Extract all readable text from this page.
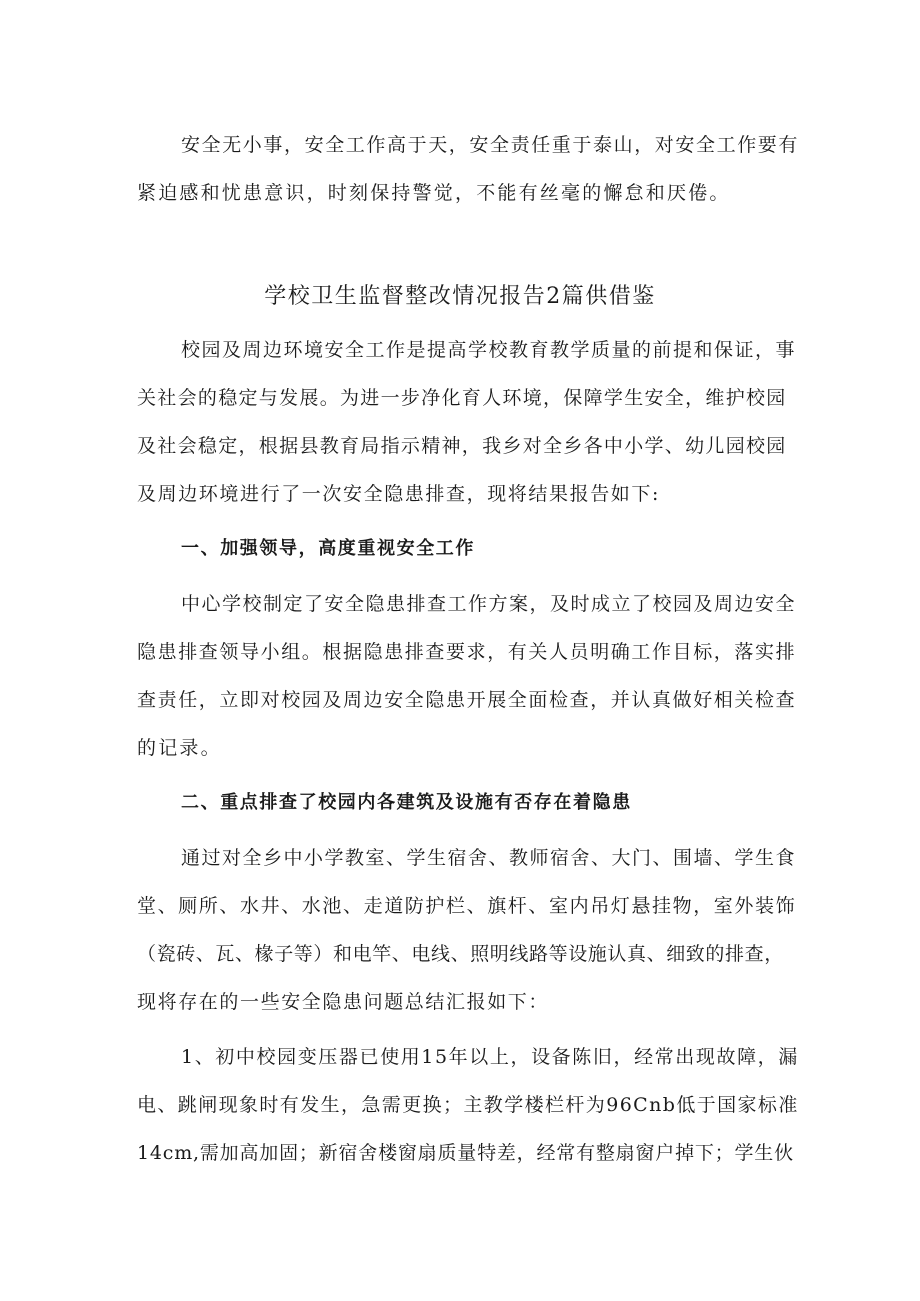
安全无小事，安全工作高于天，安全责任重于泰山，对安全工作要有
紧迫感和忧患意识，时刻保持警觉，不能有丝毫的懈怠和厌倦。
学校卫生监督整改情况报告2篇供借鉴
校园及周边环境安全工作是提高学校教育教学质量的前提和保证，事
关社会的稳定与发展。为进一步净化育人环境，保障学生安全，维护校园
及社会稳定，根据县教育局指示精神，我乡对全乡各中小学、幼儿园校园
及周边环境进行了一次安全隐患排查，现将结果报告如下:
一、加强领导，高度重视安全工作
中心学校制定了安全隐患排查工作方案，及时成立了校园及周边安全
隐患排查领导小组。根据隐患排查要求，有关人员明确工作目标，落实排
查责任，立即对校园及周边安全隐患开展全面检查，并认真做好相关检查
的记录。
二、重点排查了校园内各建筑及设施有否存在着隐患
通过对全乡中小学教室、学生宿舍、教师宿舍、大门、围墙、学生食
堂、厕所、水井、水池、走道防护栏、旗杆、室内吊灯悬挂物，室外装饰
（瓷砖、瓦、椽子等）和电竿、电线、照明线路等设施认真、细致的排查，
现将存在的一些安全隐患问题总结汇报如下：
1、初中校园变压器已使用15年以上，设备陈旧，经常出现故障，漏
电、跳闸现象时有发生，急需更换；主教学楼栏杆为96Cnb低于国家标准
14cm,需加高加固；新宿舍楼窗扇质量特差，经常有整扇窗户掉下；学生伙
